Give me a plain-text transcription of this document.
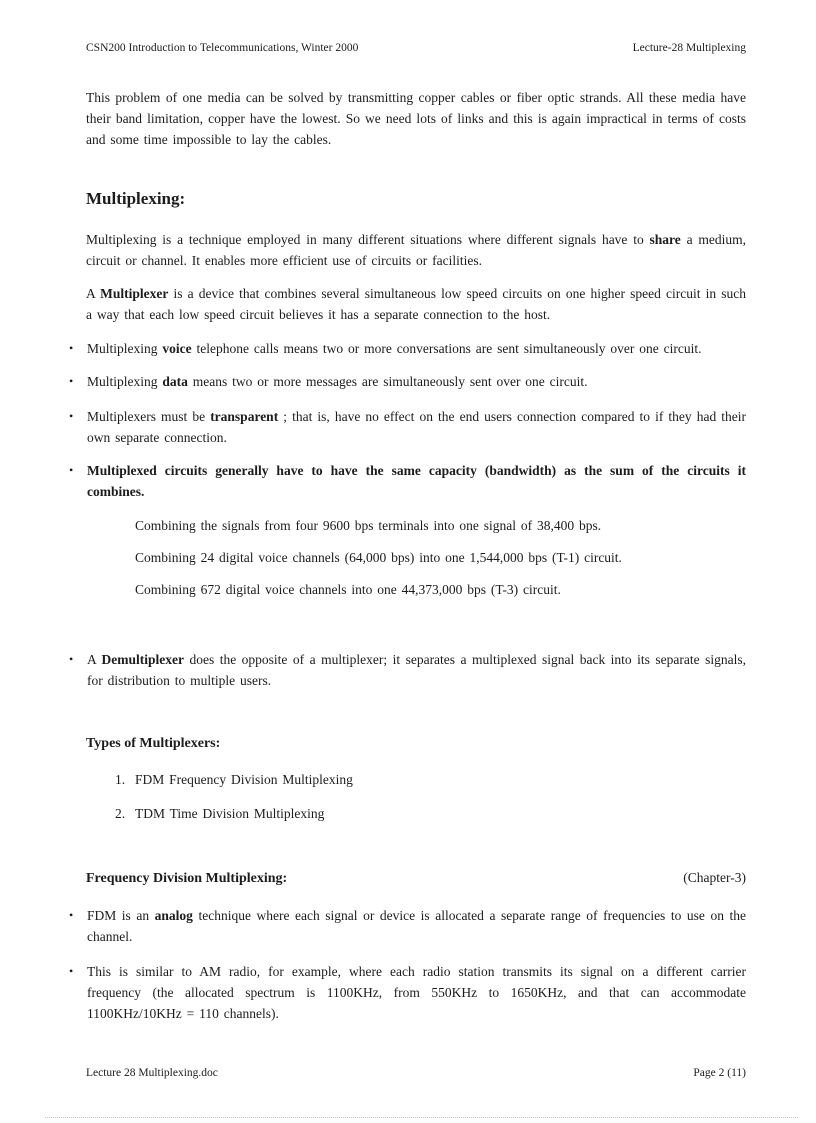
CSN200 Introduction to Telecommunications, Winter 2000	Lecture-28 Multiplexing

This problem of one media can be solved by transmitting copper cables or fiber optic strands. All these media have their band limitation, copper have the lowest. So we need lots of links and this is again impractical in terms of costs and some time impossible to lay the cables.

Multiplexing:

Multiplexing is a technique employed in many different situations where different signals have to share a medium, circuit or channel. It enables more efficient use of circuits or facilities.

A Multiplexer is a device that combines several simultaneous low speed circuits on one higher speed circuit in such a way that each low speed circuit believes it has a separate connection to the host.

•	Multiplexing voice telephone calls means two or more conversations are sent simultaneously over one circuit.
•	Multiplexing data means two or more messages are simultaneously sent over one circuit.
•	Multiplexers must be transparent ; that is, have no effect on the end users connection compared to if they had their own separate connection.
•	Multiplexed circuits generally have to have the same capacity (bandwidth) as the sum of the circuits it combines.

Combining the signals from four 9600 bps terminals into one signal of 38,400 bps.

Combining 24 digital voice channels (64,000 bps) into one 1,544,000 bps (T-1) circuit.

Combining 672 digital voice channels into one 44,373,000 bps (T-3) circuit.

•	A Demultiplexer does the opposite of a multiplexer; it separates a multiplexed signal back into its separate signals, for distribution to multiple users.
Types of Multiplexers:
1. FDM Frequency Division Multiplexing
2. TDM Time Division Multiplexing
Frequency Division Multiplexing:	(Chapter-3)
•	FDM is an analog technique where each signal or device is allocated a separate range of frequencies to use on the channel.
•	This is similar to AM radio, for example, where each radio station transmits its signal on a different carrier frequency (the allocated spectrum is 1100KHz, from 550KHz to 1650KHz, and that can accommodate 1100KHz/10KHz = 110 channels).
Lecture 28 Multiplexing.doc	Page 2 (11)
